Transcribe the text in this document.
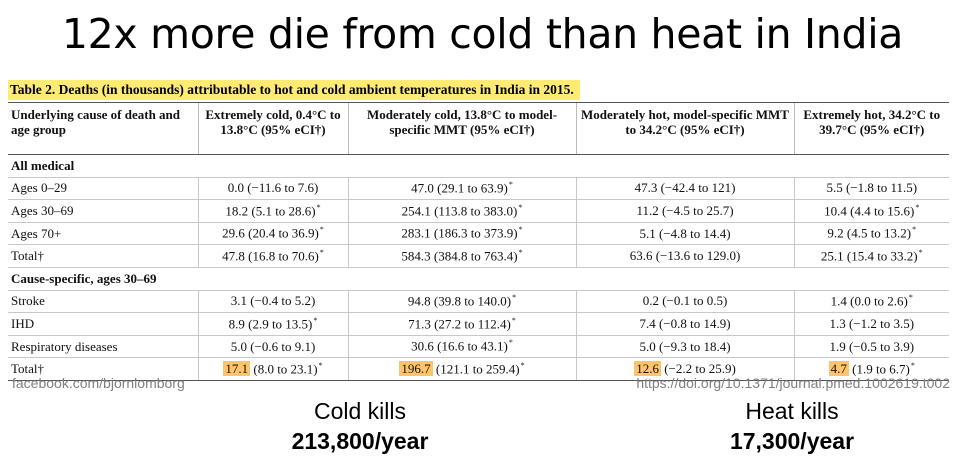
12x more die from cold than heat in India
Table 2. Deaths (in thousands) attributable to hot and cold ambient temperatures in India in 2015.
Underlying cause of death and age group	Extremely cold, 0.4°C to 13.8°C (95% eCI†)	Moderately cold, 13.8°C to model-specific MMT (95% eCI†)	Moderately hot, model-specific MMT to 34.2°C (95% eCI†)	Extremely hot, 34.2°C to 39.7°C (95% eCI†)
All medical				
Ages 0–29	0.0 (−11.6 to 7.6)	47.0 (29.1 to 63.9)*	47.3 (−42.4 to 121)	5.5 (−1.8 to 11.5)
Ages 30–69	18.2 (5.1 to 28.6)*	254.1 (113.8 to 383.0)*	11.2 (−4.5 to 25.7)	10.4 (4.4 to 15.6)*
Ages 70+	29.6 (20.4 to 36.9)*	283.1 (186.3 to 373.9)*	5.1 (−4.8 to 14.4)	9.2 (4.5 to 13.2)*
Total†	47.8 (16.8 to 70.6)*	584.3 (384.8 to 763.4)*	63.6 (−13.6 to 129.0)	25.1 (15.4 to 33.2)*
Cause-specific, ages 30–69				
Stroke	3.1 (−0.4 to 5.2)	94.8 (39.8 to 140.0)*	0.2 (−0.1 to 0.5)	1.4 (0.0 to 2.6)*
IHD	8.9 (2.9 to 13.5)*	71.3 (27.2 to 112.4)*	7.4 (−0.8 to 14.9)	1.3 (−1.2 to 3.5)
Respiratory diseases	5.0 (−0.6 to 9.1)	30.6 (16.6 to 43.1)*	5.0 (−9.3 to 18.4)	1.9 (−0.5 to 3.9)
Total†	17.1 (8.0 to 23.1)*	196.7 (121.1 to 259.4)*	12.6 (−2.2 to 25.9)	4.7 (1.9 to 6.7)*
facebook.com/bjornlomborg	https://doi.org/10.1371/journal.pmed.1002619.t002
Cold kills
213,800/year
Heat kills
17,300/year
